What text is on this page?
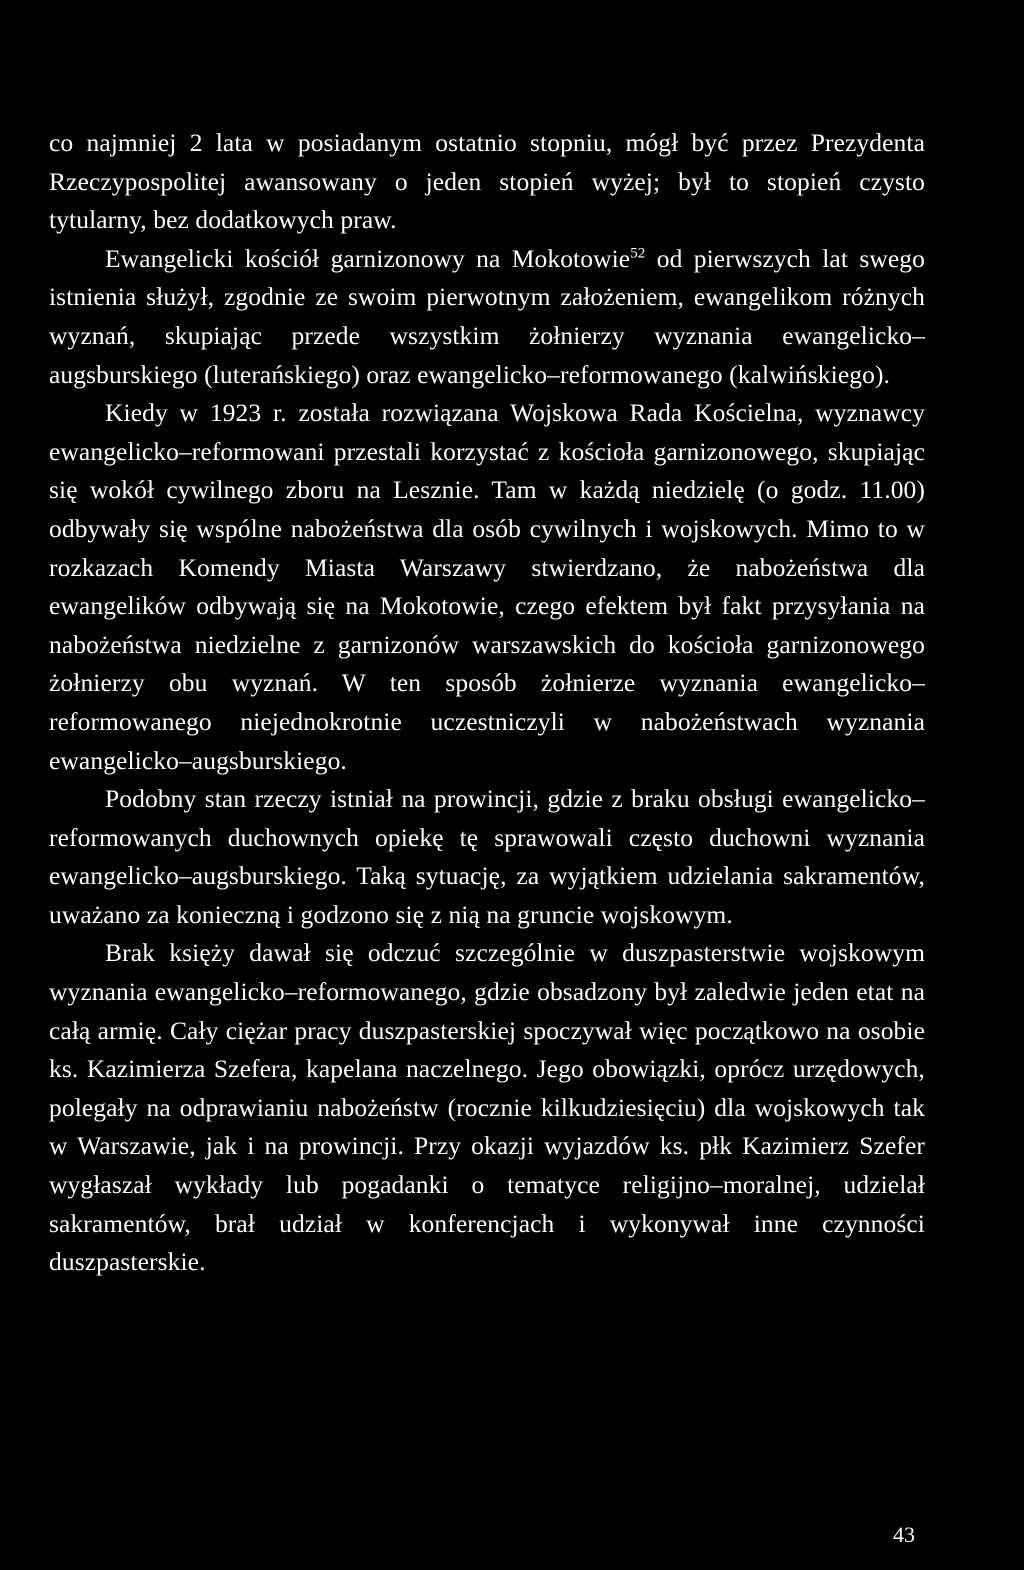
co najmniej 2 lata w posiadanym ostatnio stopniu, mógł być przez Prezydenta Rzeczypospolitej awansowany o jeden stopień wyżej; był to stopień czysto tytularny, bez dodatkowych praw.

Ewangelicki kościół garnizonowy na Mokotowie$^{52}$ od pierwszych lat swego istnienia służył, zgodnie ze swoim pierwotnym założeniem, ewangelikom różnych wyznań, skupiając przede wszystkim żołnierzy wyznania ewangelicko–augsburskiego (luterańskiego) oraz ewangelicko–reformowanego (kalwińskiego).

Kiedy w 1923 r. została rozwiązana Wojskowa Rada Kościelna, wyznawcy ewangelicko–reformowani przestali korzystać z kościoła garnizonowego, skupiając się wokół cywilnego zboru na Lesznie. Tam w każdą niedzielę (o godz. 11.00) odbywały się wspólne nabożeństwa dla osób cywilnych i wojskowych. Mimo to w rozkazach Komendy Miasta Warszawy stwierdzano, że nabożeństwa dla ewangelików odbywają się na Mokotowie, czego efektem był fakt przysyłania na nabożeństwa niedzielne z garnizonów warszawskich do kościoła garnizonowego żołnierzy obu wyznań. W ten sposób żołnierze wyznania ewangelicko–reformowanego niejednokrotnie uczestniczyli w nabożeństwach wyznania ewangelicko–augsburskiego.

Podobny stan rzeczy istniał na prowincji, gdzie z braku obsługi ewangelicko–reformowanych duchownych opiekę tę sprawowali często duchowni wyznania ewangelicko–augsburskiego. Taką sytuację, za wyjątkiem udzielania sakramentów, uważano za konieczną i godzono się z nią na gruncie wojskowym.

Brak księży dawał się odczuć szczególnie w duszpasterstwie wojskowym wyznania ewangelicko–reformowanego, gdzie obsadzony był zaledwie jeden etat na całą armię. Cały ciężar pracy duszpasterskiej spoczywał więc początkowo na osobie ks. Kazimierza Szefera, kapelana naczelnego. Jego obowiązki, oprócz urzędowych, polegały na odprawianiu nabożeństw (rocznie kilkudziesięciu) dla wojskowych tak w Warszawie, jak i na prowincji. Przy okazji wyjazdów ks. płk Kazimierz Szefer wygłaszał wykłady lub pogadanki o tematyce religijno–moralnej, udzielał sakramentów, brał udział w konferencjach i wykonywał inne czynności duszpasterskie.

43
